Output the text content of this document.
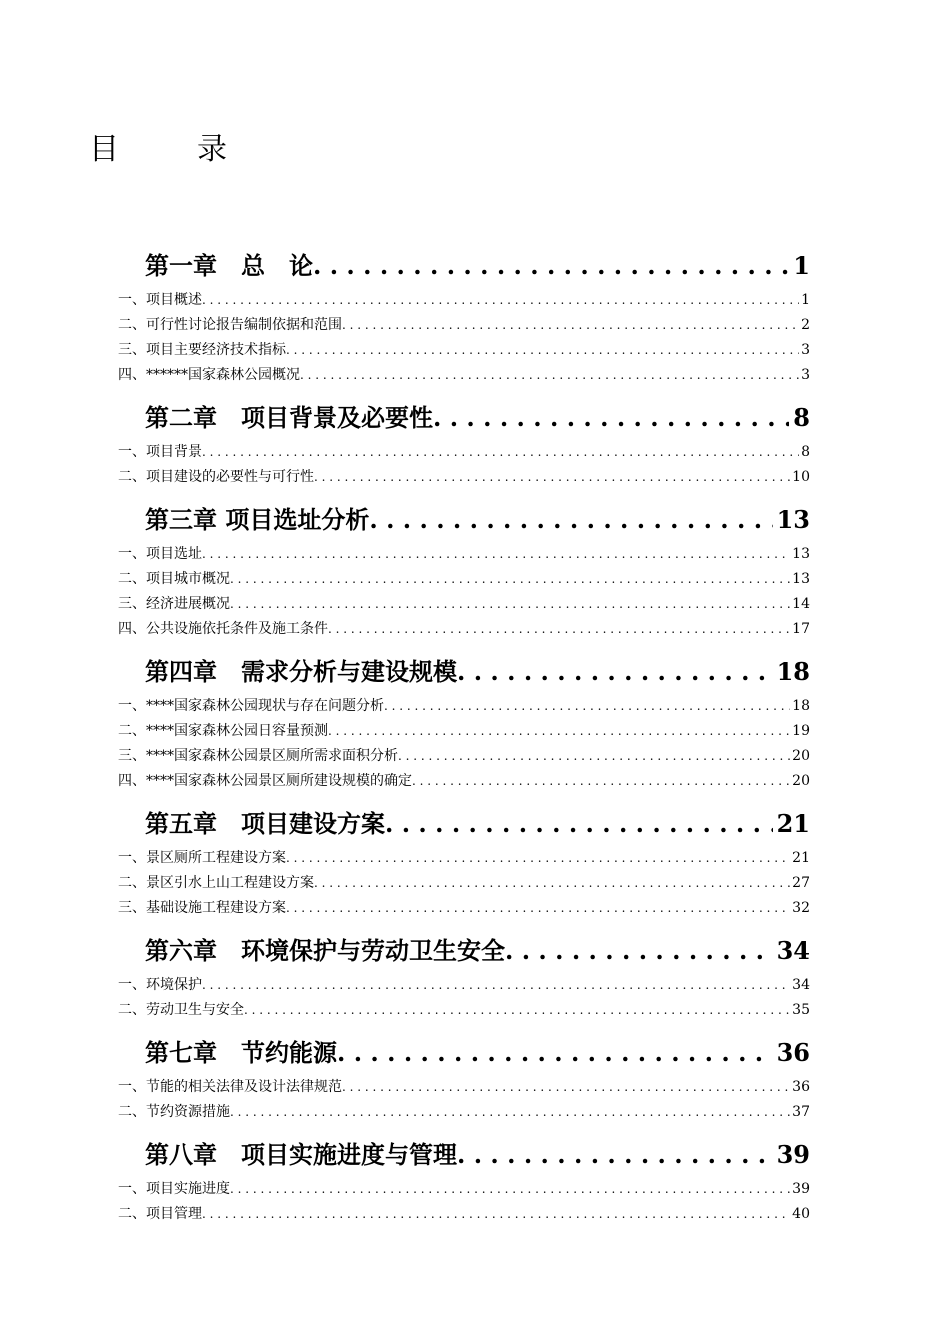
目	录
第一章　总　论 . . .	1
一、项目概述 . . .	1
二、可行性讨论报告编制依据和范围 . . .	2
三、项目主要经济技术指标 . . .	3
四、******国家森林公园概况 . . .	3
第二章　项目背景及必要性 . . .	8
一、项目背景 . . .	8
二、项目建设的必要性与可行性 . . .	10
第三章 项目选址分析 . . .	13
一、项目选址 . . .	13
二、项目城市概况 . . .	13
三、经济进展概况 . . .	14
四、公共设施依托条件及施工条件 . . .	17
第四章　需求分析与建设规模 . . .	18
一、****国家森林公园现状与存在问题分析 . . .	18
二、****国家森林公园日容量预测 . . .	19
三、****国家森林公园景区厕所需求面积分析 . . .	20
四、****国家森林公园景区厕所建设规模的确定 . . .	20
第五章　项目建设方案 . . .	21
一、景区厕所工程建设方案 . . .	21
二、景区引水上山工程建设方案 . . .	27
三、基础设施工程建设方案 . . .	32
第六章　环境保护与劳动卫生安全 . . .	34
一、环境保护 . . .	34
二、劳动卫生与安全 . . .	35
第七章　节约能源 . . .	36
一、节能的相关法律及设计法律规范 . . .	36
二、节约资源措施 . . .	37
第八章　项目实施进度与管理 . . .	39
一、项目实施进度 . . .	39
二、项目管理 . . .	40
